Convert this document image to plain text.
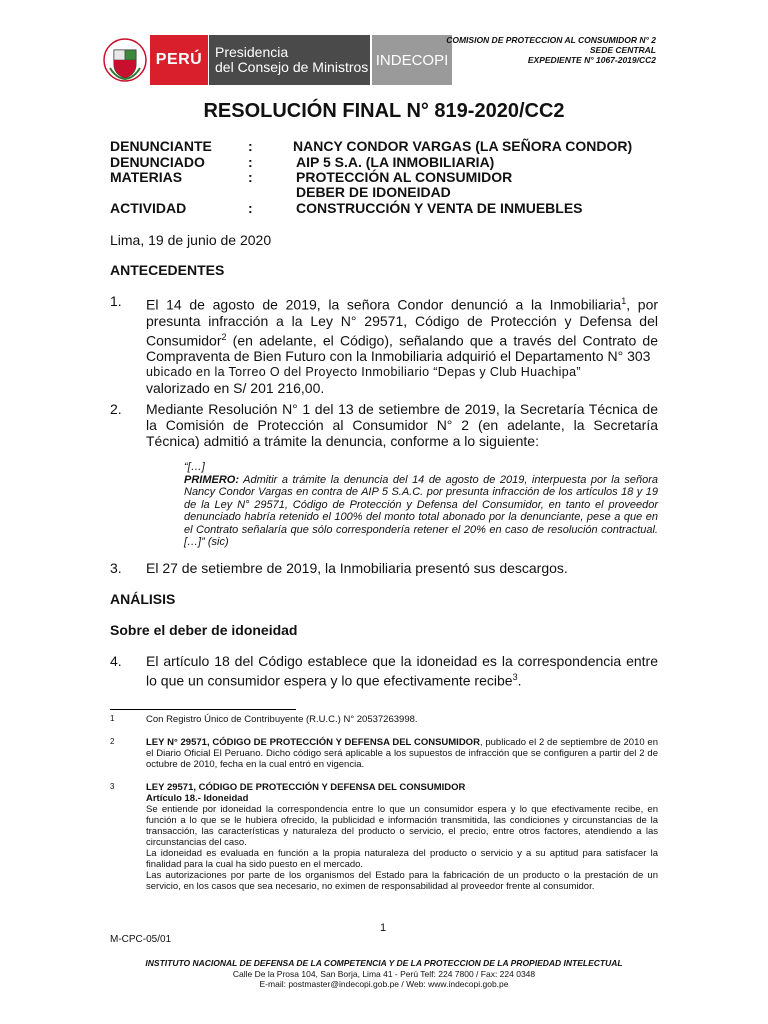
PERÚ Presidencia
del Consejo de Ministros INDECOPI
COMISION DE PROTECCION AL CONSUMIDOR N° 2
SEDE CENTRAL
EXPEDIENTE N° 1067-2019/CC2
RESOLUCIÓN FINAL N° 819-2020/CC2
DENUNCIANTE	:	NANCY CONDOR VARGAS (LA SEÑORA CONDOR)
DENUNCIADO	:	AIP 5 S.A. (LA INMOBILIARIA)
MATERIAS	:	PROTECCIÓN AL CONSUMIDOR
DEBER DE IDONEIDAD
ACTIVIDAD	:	CONSTRUCCIÓN Y VENTA DE INMUEBLES
Lima, 19 de junio de 2020
ANTECEDENTES
1. El 14 de agosto de 2019, la señora Condor denunció a la Inmobiliaria$^1$, por presunta infracción a la Ley N° 29571, Código de Protección y Defensa del Consumidor$^2$ (en adelante, el Código), señalando que a través del Contrato de Compraventa de Bien Futuro con la Inmobiliaria adquirió el Departamento N° 303
ubicado en la Torreo O del Proyecto Inmobiliario “Depas y Club Huachipa”
valorizado en S/ 201 216,00.
2. Mediante Resolución N° 1 del 13 de setiembre de 2019, la Secretaría Técnica de la Comisión de Protección al Consumidor N° 2 (en adelante, la Secretaría Técnica) admitió a trámite la denuncia, conforme a lo siguiente:
“[…]
PRIMERO: Admitir a trámite la denuncia del 14 de agosto de 2019, interpuesta por la señora Nancy Condor Vargas en contra de AIP 5 S.A.C. por presunta infracción de los artículos 18 y 19 de la Ley N° 29571, Código de Protección y Defensa del Consumidor, en tanto el proveedor denunciado habría retenido el 100% del monto total abonado por la denunciante, pese a que en el Contrato señalaría que sólo correspondería retener el 20% en caso de resolución contractual. […]” (sic)
3. El 27 de setiembre de 2019, la Inmobiliaria presentó sus descargos.
ANÁLISIS
Sobre el deber de idoneidad
4. El artículo 18 del Código establece que la idoneidad es la correspondencia entre lo que un consumidor espera y lo que efectivamente recibe$^3$.
1	Con Registro Único de Contribuyente (R.U.C.) N° 20537263998.
2	LEY N° 29571, CÓDIGO DE PROTECCIÓN Y DEFENSA DEL CONSUMIDOR, publicado el 2 de septiembre de 2010 en el Diario Oficial El Peruano. Dicho código será aplicable a los supuestos de infracción que se configuren a partir del 2 de octubre de 2010, fecha en la cual entró en vigencia.
3	LEY 29571, CÓDIGO DE PROTECCIÓN Y DEFENSA DEL CONSUMIDOR
Artículo 18.- Idoneidad
Se entiende por idoneidad la correspondencia entre lo que un consumidor espera y lo que efectivamente recibe, en función a lo que se le hubiera ofrecido, la publicidad e información transmitida, las condiciones y circunstancias de la transacción, las características y naturaleza del producto o servicio, el precio, entre otros factores, atendiendo a las circunstancias del caso.
La idoneidad es evaluada en función a la propia naturaleza del producto o servicio y a su aptitud para satisfacer la finalidad para la cual ha sido puesto en el mercado.
Las autorizaciones por parte de los organismos del Estado para la fabricación de un producto o la prestación de un servicio, en los casos que sea necesario, no eximen de responsabilidad al proveedor frente al consumidor.
1
M-CPC-05/01
INSTITUTO NACIONAL DE DEFENSA DE LA COMPETENCIA Y DE LA PROTECCION DE LA PROPIEDAD INTELECTUAL
Calle De la Prosa 104, San Borja, Lima 41 - Perú Telf: 224 7800 / Fax: 224 0348
E-mail: postmaster@indecopi.gob.pe / Web: www.indecopi.gob.pe
